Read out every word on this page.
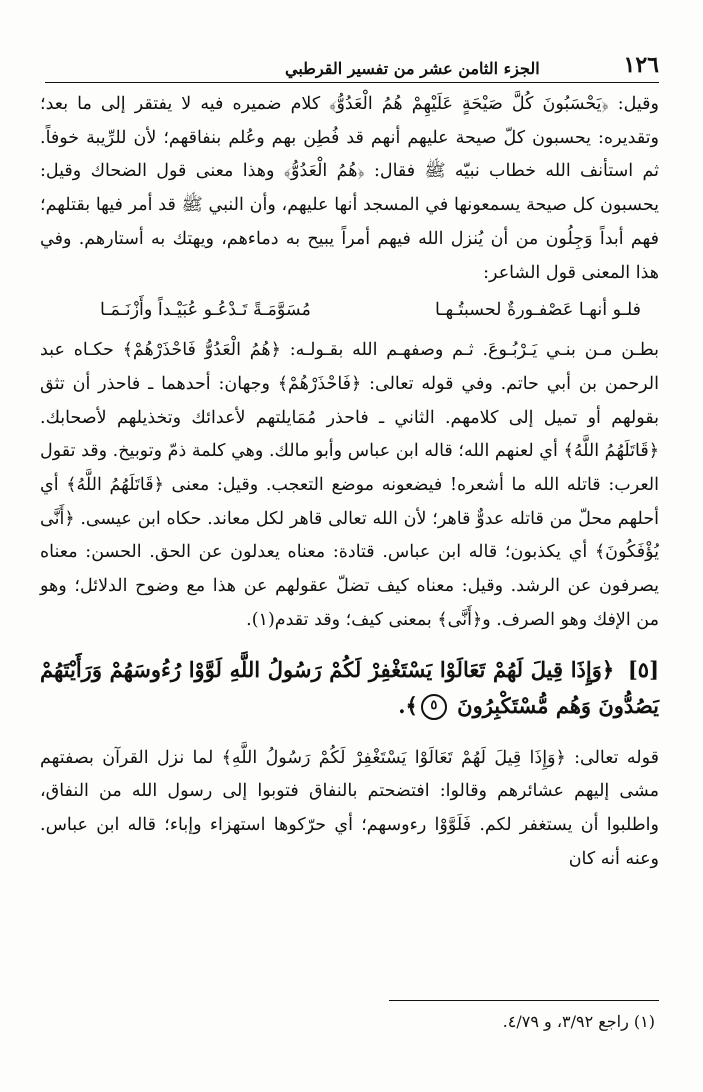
١٢٦
الجزء الثامن عشر من تفسير القرطبي

وقيل: ﴿يَحْسَبُونَ كُلَّ صَيْحَةٍ عَلَيْهِمْ هُمُ الْعَدُوُّ﴾ كلام ضميره فيه لا يفتقر إلى ما بعد؛ وتقديره: يحسبون كلّ صيحة عليهم أنهم قد فُطِن بهم وعُلم بنفاقهم؛ لأن للرِّيبة خوفاً. ثم استأنف الله خطاب نبيّه ﷺ فقال: ﴿هُمُ الْعَدُوُّ﴾ وهذا معنى قول الضحاك وقيل: يحسبون كل صيحة يسمعونها في المسجد أنها عليهم، وأن النبي ﷺ قد أمر فيها بقتلهم؛ فهم أبداً وَجِلُون من أن يُنزل الله فيهم أمراً يبيح به دماءهم، ويهتك به أستارهم. وفي هذا المعنى قول الشاعر:

فلـو أنهـا عَصْفـورةٌ لحسبتُـهـا
مُسَوَّمَـةً تَـدْعُـو عُبَيْـداً وأَزْنَـمَـا

بطـن مـن بنـي يَـرْبُـوعَ. ثـم وصفهـم الله بقـولـه: ﴿هُمُ الْعَدُوُّ فَاحْذَرْهُمْ﴾ حكـاه عبد الرحمن بن أبي حاتم. وفي قوله تعالى: ﴿فَاحْذَرْهُمْ﴾ وجهان: أحدهما ـ فاحذر أن تثق بقولهم أو تميل إلى كلامهم. الثاني ـ فاحذر مُمَايلتهم لأعدائك وتخذيلهم لأصحابك. ﴿قَاتَلَهُمُ اللَّهُ﴾ أي لعنهم الله؛ قاله ابن عباس وأبو مالك. وهي كلمة ذمّ وتوبيخ. وقد تقول العرب: قاتله الله ما أشعره! فيضعونه موضع التعجب. وقيل: معنى ﴿قَاتَلَهُمُ اللَّهُ﴾ أي أحلهم محلّ من قاتله عدوٌّ قاهر؛ لأن الله تعالى قاهر لكل معاند. حكاه ابن عيسى. ﴿أَنَّى يُؤْفَكُونَ﴾ أي يكذبون؛ قاله ابن عباس. قتادة: معناه يعدلون عن الحق. الحسن: معناه يصرفون عن الرشد. وقيل: معناه كيف تضلّ عقولهم عن هذا مع وضوح الدلائل؛ وهو من الإفك وهو الصرف. و﴿أَنَّى﴾ بمعنى كيف؛ وقد تقدم(١).

[٥] ﴿وَإِذَا قِيلَ لَهُمْ تَعَالَوْا يَسْتَغْفِرْ لَكُمْ رَسُولُ اللَّهِ لَوَّوْا رُءُوسَهُمْ وَرَأَيْتَهُمْ يَصُدُّونَ وَهُم مُّسْتَكْبِرُونَ ٥﴾.

قوله تعالى: ﴿وَإِذَا قِيلَ لَهُمْ تَعَالَوْا يَسْتَغْفِرْ لَكُمْ رَسُولُ اللَّهِ﴾ لما نزل القرآن بصفتهم مشى إليهم عشائرهم وقالوا: افتضحتم بالنفاق فتوبوا إلى رسول الله من النفاق، واطلبوا أن يستغفر لكم. فَلَوَّوْا رءوسهم؛ أي حرّكوها استهزاء وإباء؛ قاله ابن عباس. وعنه أنه كان

(١) راجع ٣/٩٢، و ٤/٧٩.
